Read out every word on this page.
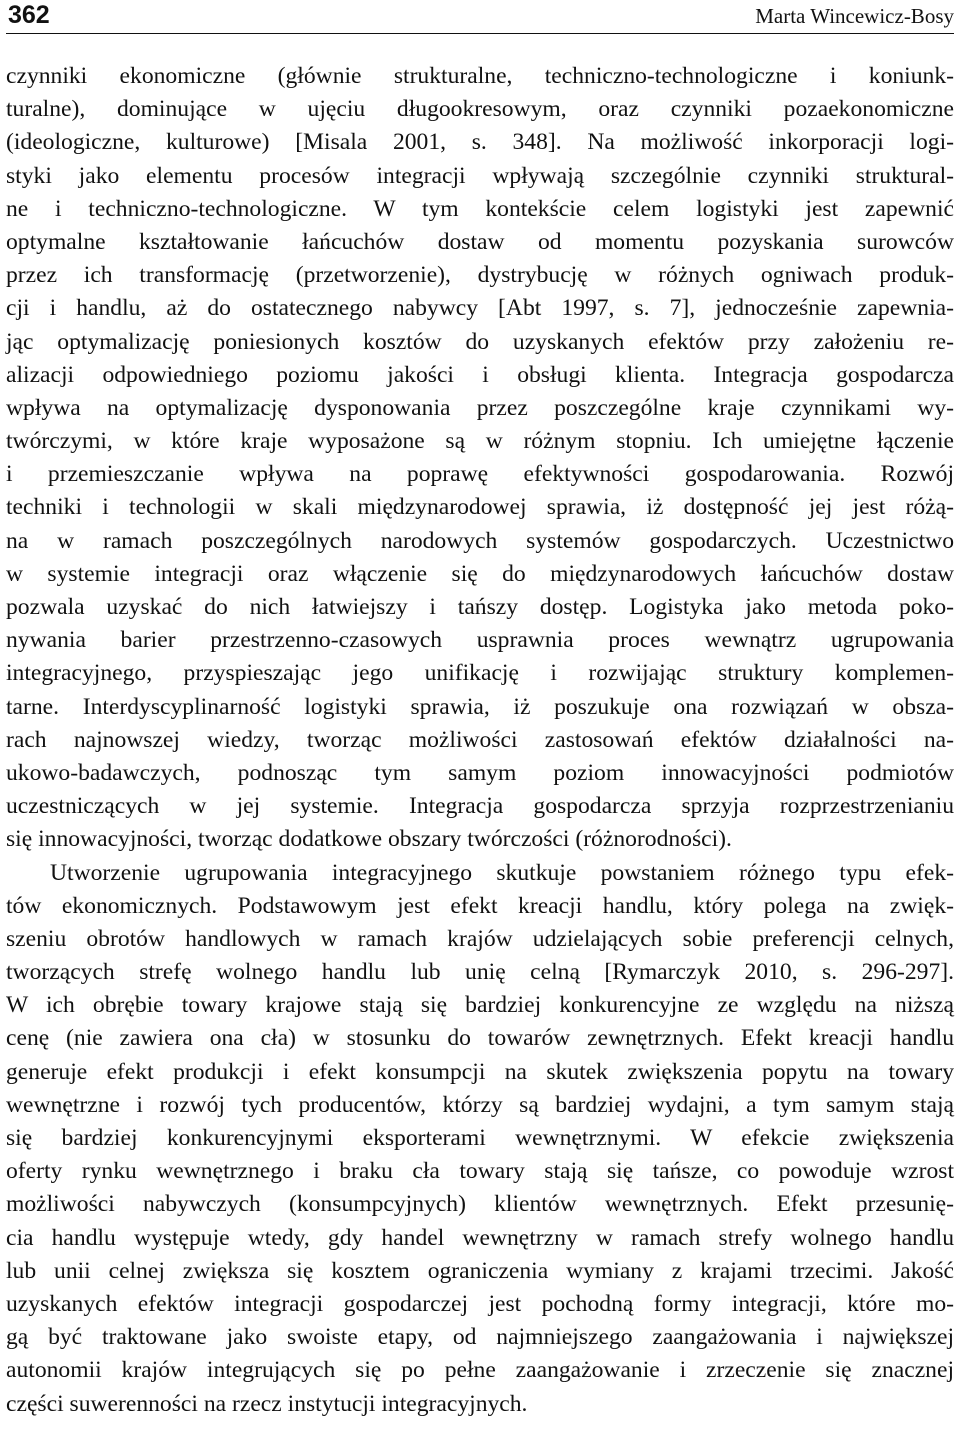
362	Marta Wincewicz-Bosy
czynniki ekonomiczne (głównie strukturalne, techniczno-technologiczne i koniunk-
turalne), dominujące w ujęciu długookresowym, oraz czynniki pozaekonomiczne
(ideologiczne, kulturowe) [Misala 2001, s. 348]. Na możliwość inkorporacji logi-
styki jako elementu procesów integracji wpływają szczególnie czynniki struktural-
ne i techniczno-technologiczne. W tym kontekście celem logistyki jest zapewnić
optymalne kształtowanie łańcuchów dostaw od momentu pozyskania surowców
przez ich transformację (przetworzenie), dystrybucję w różnych ogniwach produk-
cji i handlu, aż do ostatecznego nabywcy [Abt 1997, s. 7], jednocześnie zapewnia-
jąc optymalizację poniesionych kosztów do uzyskanych efektów przy założeniu re-
alizacji odpowiedniego poziomu jakości i obsługi klienta. Integracja gospodarcza
wpływa na optymalizację dysponowania przez poszczególne kraje czynnikami wy-
twórczymi, w które kraje wyposażone są w różnym stopniu. Ich umiejętne łączenie
i przemieszczanie wpływa na poprawę efektywności gospodarowania. Rozwój
techniki i technologii w skali międzynarodowej sprawia, iż dostępność jej jest różą-
na w ramach poszczególnych narodowych systemów gospodarczych. Uczestnictwo
w systemie integracji oraz włączenie się do międzynarodowych łańcuchów dostaw
pozwala uzyskać do nich łatwiejszy i tańszy dostęp. Logistyka jako metoda poko-
nywania barier przestrzenno-czasowych usprawnia proces wewnątrz ugrupowania
integracyjnego, przyspieszając jego unifikację i rozwijając struktury komplemen-
tarne. Interdyscyplinarność logistyki sprawia, iż poszukuje ona rozwiązań w obsza-
rach najnowszej wiedzy, tworząc możliwości zastosowań efektów działalności na-
ukowo-badawczych, podnosząc tym samym poziom innowacyjności podmiotów
uczestniczących w jej systemie. Integracja gospodarcza sprzyja rozprzestrzenianiu
się innowacyjności, tworząc dodatkowe obszary twórczości (różnorodności).
Utworzenie ugrupowania integracyjnego skutkuje powstaniem różnego typu efek-
tów ekonomicznych. Podstawowym jest efekt kreacji handlu, który polega na zwięk-
szeniu obrotów handlowych w ramach krajów udzielających sobie preferencji celnych,
tworzących strefę wolnego handlu lub unię celną [Rymarczyk 2010, s. 296-297].
W ich obrębie towary krajowe stają się bardziej konkurencyjne ze względu na niższą
cenę (nie zawiera ona cła) w stosunku do towarów zewnętrznych. Efekt kreacji handlu
generuje efekt produkcji i efekt konsumpcji na skutek zwiększenia popytu na towary
wewnętrzne i rozwój tych producentów, którzy są bardziej wydajni, a tym samym stają
się bardziej konkurencyjnymi eksporterami wewnętrznymi. W efekcie zwiększenia
oferty rynku wewnętrznego i braku cła towary stają się tańsze, co powoduje wzrost
możliwości nabywczych (konsumpcyjnych) klientów wewnętrznych. Efekt przesunię-
cia handlu występuje wtedy, gdy handel wewnętrzny w ramach strefy wolnego handlu
lub unii celnej zwiększa się kosztem ograniczenia wymiany z krajami trzecimi. Jakość
uzyskanych efektów integracji gospodarczej jest pochodną formy integracji, które mo-
gą być traktowane jako swoiste etapy, od najmniejszego zaangażowania i największej
autonomii krajów integrujących się po pełne zaangażowanie i zrzeczenie się znacznej
części suwerenności na rzecz instytucji integracyjnych.
